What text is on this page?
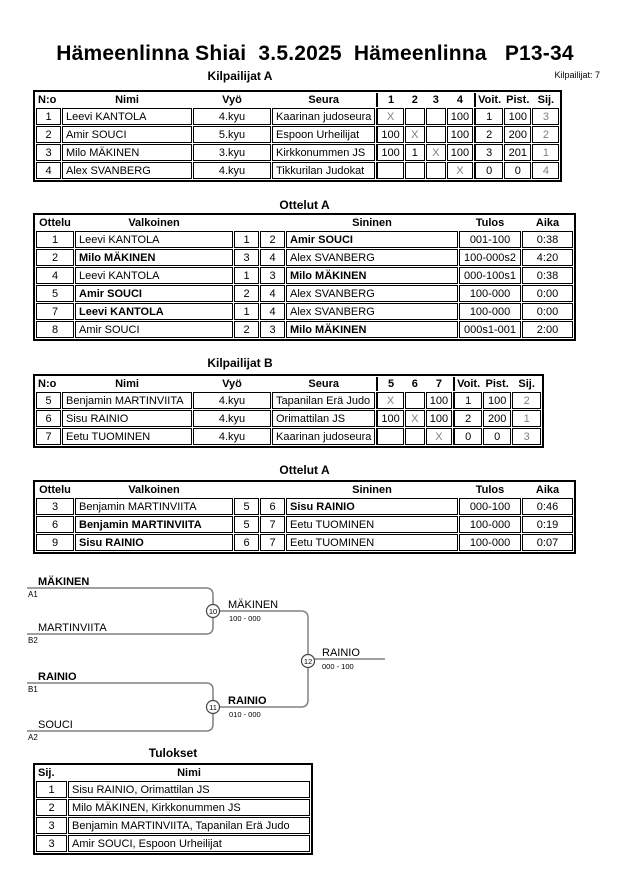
Hämeenlinna Shiai  3.5.2025  Hämeenlinna   P13-34
Kilpailijat A	Kilpailijat: 7
N:o	Nimi	Vyö	Seura	1	2	3	4	Voit.	Pist.	Sij.
1	Leevi KANTOLA	4.kyu	Kaarinan judoseura	X			100	1	100	3
2	Amir SOUCI	5.kyu	Espoon Urheilijat	100	X		100	2	200	2
3	Milo MÄKINEN	3.kyu	Kirkkonummen JS	100	1	X	100	3	201	1
4	Alex SVANBERG	4.kyu	Tikkurilan Judokat				X	0	0	4
Ottelut A
Ottelu	Valkoinen			Sininen	Tulos	Aika
1	Leevi KANTOLA	1	2	Amir SOUCI	001-100	0:38
2	Milo MÄKINEN	3	4	Alex SVANBERG	100-000s2	4:20
4	Leevi KANTOLA	1	3	Milo MÄKINEN	000-100s1	0:38
5	Amir SOUCI	2	4	Alex SVANBERG	100-000	0:00
7	Leevi KANTOLA	1	4	Alex SVANBERG	100-000	0:00
8	Amir SOUCI	2	3	Milo MÄKINEN	000s1-001	2:00
Kilpailijat B
N:o	Nimi	Vyö	Seura	5	6	7	Voit.	Pist.	Sij.
5	Benjamin MARTINVIITA	4.kyu	Tapanilan Erä Judo	X		100	1	100	2
6	Sisu RAINIO	4.kyu	Orimattilan JS	100	X	100	2	200	1
7	Eetu TUOMINEN	4.kyu	Kaarinan judoseura			X	0	0	3
Ottelut A
Ottelu	Valkoinen			Sininen	Tulos	Aika
3	Benjamin MARTINVIITA	5	6	Sisu RAINIO	000-100	0:46
6	Benjamin MARTINVIITA	5	7	Eetu TUOMINEN	100-000	0:19
9	Sisu RAINIO	6	7	Eetu TUOMINEN	100-000	0:07
MÄKINEN
A1
MARTINVIITA
B2
10
MÄKINEN
100 - 000
RAINIO
B1
SOUCI
A2
11
RAINIO
010 - 000
12
RAINIO
000 - 100
Tulokset
Sij.	Nimi
1	Sisu RAINIO, Orimattilan JS
2	Milo MÄKINEN, Kirkkonummen JS
3	Benjamin MARTINVIITA, Tapanilan Erä Judo
3	Amir SOUCI, Espoon Urheilijat
